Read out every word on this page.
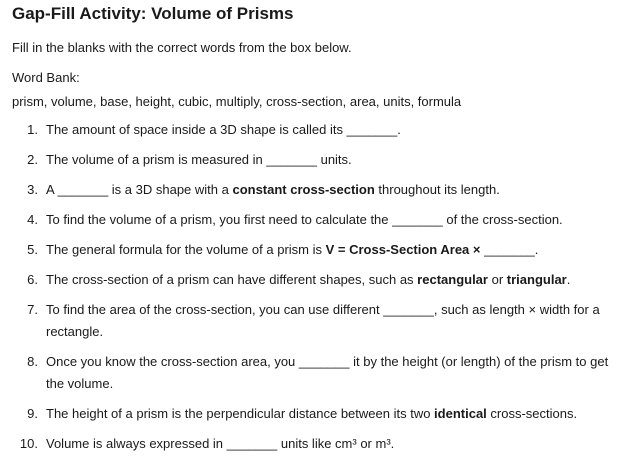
Gap-Fill Activity: Volume of Prisms
Fill in the blanks with the correct words from the box below.
Word Bank:
prism, volume, base, height, cubic, multiply, cross-section, area, units, formula
1. The amount of space inside a 3D shape is called its _______.
2. The volume of a prism is measured in _______ units.
3. A _______ is a 3D shape with a constant cross-section throughout its length.
4. To find the volume of a prism, you first need to calculate the _______ of the cross-section.
5. The general formula for the volume of a prism is V = Cross-Section Area × _______.
6. The cross-section of a prism can have different shapes, such as rectangular or triangular.
7. To find the area of the cross-section, you can use different _______, such as length × width for a rectangle.
8. Once you know the cross-section area, you _______ it by the height (or length) of the prism to get the volume.
9. The height of a prism is the perpendicular distance between its two identical cross-sections.
10. Volume is always expressed in _______ units like cm³ or m³.
